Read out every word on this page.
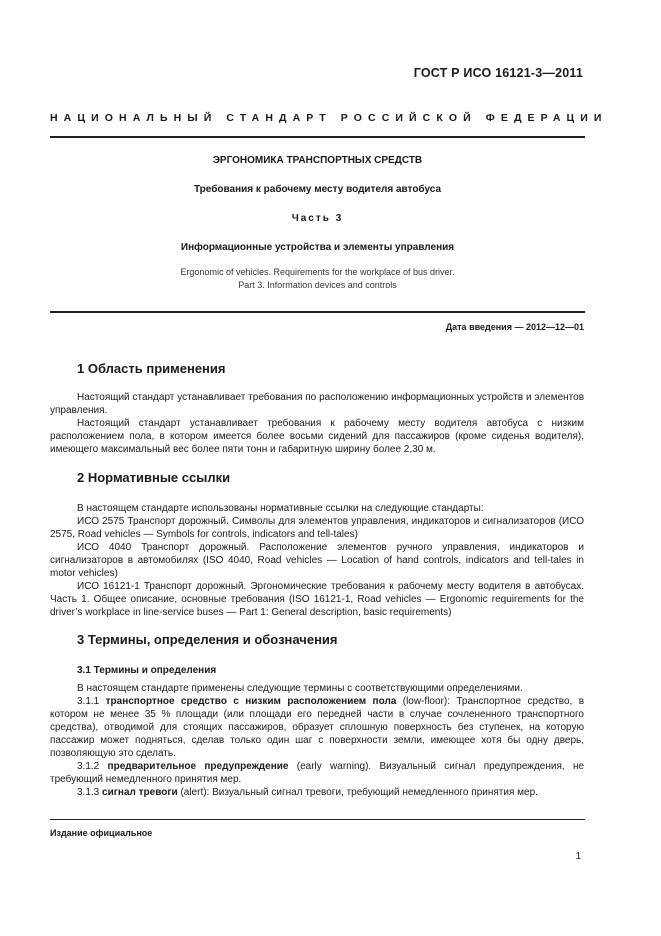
ГОСТ Р ИСО 16121-3—2011
НАЦИОНАЛЬНЫЙ СТАНДАРТ РОССИЙСКОЙ ФЕДЕРАЦИИ
ЭРГОНОМИКА ТРАНСПОРТНЫХ СРЕДСТВ
Требования к рабочему месту водителя автобуса
Часть 3
Информационные устройства и элементы управления
Ergonomic of vehicles. Requirements for the workplace of bus driver.
Part 3. Information devices and controls
Дата введения — 2012—12—01
1 Область применения

Настоящий стандарт устанавливает требования по расположению информационных устройств и элементов управления.

Настоящий стандарт устанавливает требования к рабочему месту водителя автобуса с низким расположением пола, в котором имеется более восьми сидений для пассажиров (кроме сиденья водителя), имеющего максимальный вес более пяти тонн и габаритную ширину более 2,30 м.

2 Нормативные ссылки

В настоящем стандарте использованы нормативные ссылки на следующие стандарты:

ИСО 2575 Транспорт дорожный. Символы для элементов управления, индикаторов и сигнализаторов (ИСО 2575, Road vehicles — Symbols for controls, indicators and tell-tales)

ИСО 4040 Транспорт дорожный. Расположение элементов ручного управления, индикаторов и сигнализаторов в автомобилях (ISO 4040, Road vehicles — Location of hand controls, indicators and tell-tales in motor vehicles)

ИСО 16121-1 Транспорт дорожный. Эргономические требования к рабочему месту водителя в автобусах. Часть 1. Общее описание, основные требования (ISO 16121-1, Road vehicles — Ergonomic requirements for the driver’s workplace in line-service buses — Part 1: General description, basic requirements)

3 Термины, определения и обозначения
3.1 Термины и определения

В настоящем стандарте применены следующие термины с соответствующими определениями.

3.1.1 транспортное средство с низким расположением пола (low-floor): Транспортное средство, в котором не менее 35 % площади (или площади его передней части в случае сочлененного транспортного средства), отводимой для стоящих пассажиров, образует сплошную поверхность без ступенек, на которую пассажир может подняться, сделав только один шаг с поверхности земли, имеющее хотя бы одну дверь, позволяющую это сделать.

3.1.2 предварительное предупреждение (early warning). Визуальный сигнал предупреждения, не требующий немедленного принятия мер.

3.1.3 сигнал тревоги (alert): Визуальный сигнал тревоги, требующий немедленного принятия мер.

Издание официальное
1
